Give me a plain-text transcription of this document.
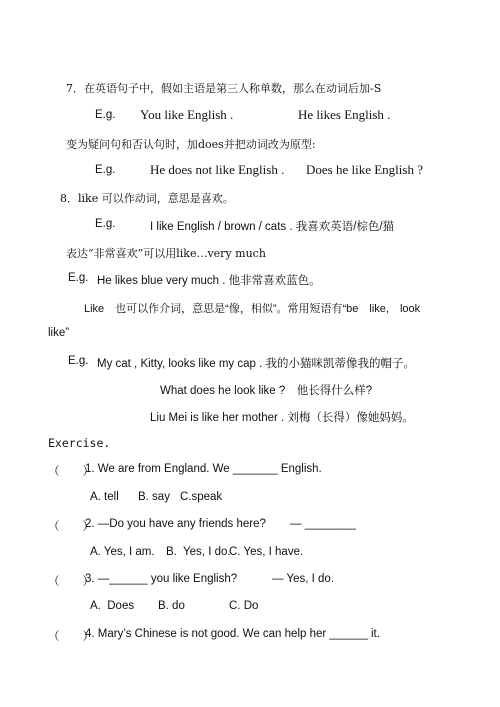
7．在英语句子中，假如主语是第三人称单数，那么在动词后加-S
E.g. You like English .	He likes English .
变为疑问句和否认句时，加does并把动词改为原型:
E.g.	He does not like English . Does he like English ?
8．like 可以作动词，意思是喜欢。
E.g.	I like English / brown / cats . 我喜欢英语/棕色/猫
表达“非常喜欢”可以用like…very much
E.g. He likes blue very much . 他非常喜欢蓝色。
Like　也可以作介词，意思是“像，相似”。常用短语有“be　like,　look
like”
E.g. My cat , Kitty, looks like my cap . 我的小猫咪凯蒂像我的帽子。
What does he look like ?　他长得什么样?
Liu Mei is like her mother . 刘梅（长得）像她妈妈。
Exercise.
（　　）
1. We are from England. We _______ English.
A. tell B. say C.speak
（　　）
2. —Do you have any friends here? — ________
A. Yes, I am. B.  Yes, I do.
C. Yes, I have.
（　　）
3. —______ you like English?	— Yes, I do.
A.  Does B. do	C. Do
（　　）
4. Mary’s Chinese is not good. We can help her ______ it.
